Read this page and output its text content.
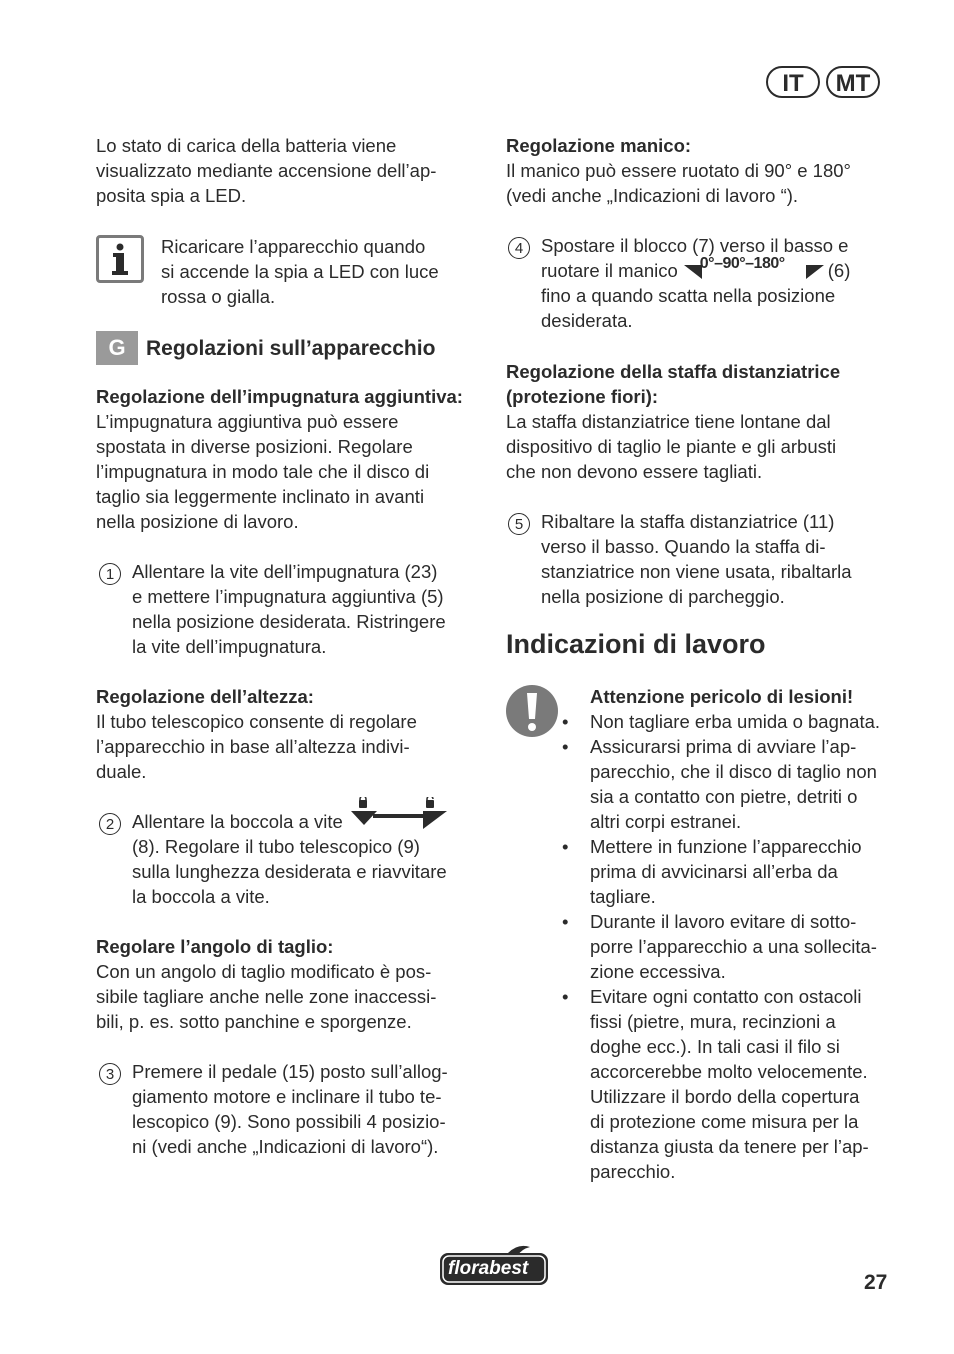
IT	MT

Lo stato di carica della batteria viene

visualizzato mediante accensione dell’ap-

posita spia a LED.

Ricaricare l’apparecchio quando

si accende la spia a LED con luce

rossa o gialla.

G Regolazioni sull’apparecchio

Regolazione dell’impugnatura aggiuntiva:

L’impugnatura aggiuntiva può essere

spostata in diverse posizioni. Regolare

l’impugnatura in modo tale che il disco di

taglio sia leggermente inclinato in avanti

nella posizione di lavoro.

1 Allentare la vite dell’impugnatura (23)

e mettere l’impugnatura aggiuntiva (5)

nella posizione desiderata. Ristringere

la vite dell’impugnatura.

Regolazione dell’altezza:

Il tubo telescopico consente di regolare

l’apparecchio in base all’altezza indivi-

duale.

2 Allentare la boccola a vite

(8). Regolare il tubo telescopico (9)

sulla lunghezza desiderata e riavvitare

la boccola a vite.

Regolare l’angolo di taglio:

Con un angolo di taglio modificato è pos-

sibile tagliare anche nelle zone inaccessi-

bili, p. es. sotto panchine e sporgenze.

3 Premere il pedale (15) posto sull’allog-

giamento motore e inclinare il tubo te-

lescopico (9). Sono possibili 4 posizio-

ni (vedi anche „Indicazioni di lavoro“).

Regolazione manico:

Il manico può essere ruotato di 90° e 180°

(vedi anche „Indicazioni di lavoro “).

4 Spostare il blocco (7) verso il basso e

ruotare il manico 0°–90°–180° (6)

fino a quando scatta nella posizione

desiderata.

Regolazione della staffa distanziatrice

(protezione fiori):

La staffa distanziatrice tiene lontane dal

dispositivo di taglio le piante e gli arbusti

che non devono essere tagliati.

5 Ribaltare la staffa distanziatrice (11)

verso il basso. Quando la staffa di-

stanziatrice non viene usata, ribaltarla

nella posizione di parcheggio.

Indicazioni di lavoro

Attenzione pericolo di lesioni!

• Non tagliare erba umida o bagnata.

• Assicurarsi prima di avviare l’ap-

parecchio, che il disco di taglio non

sia a contatto con pietre, detriti o

altri corpi estranei.

• Mettere in funzione l’apparecchio

prima di avvicinarsi all’erba da

tagliare.

• Durante il lavoro evitare di sotto-

porre l’apparecchio a una sollecita-

zione eccessiva.

• Evitare ogni contatto con ostacoli

fissi (pietre, mura, recinzioni a

doghe ecc.). In tali casi il filo si

accorcerebbe molto velocemente.

Utilizzare il bordo della copertura

di protezione come misura per la

distanza giusta da tenere per l’ap-

parecchio.

florabest
27
